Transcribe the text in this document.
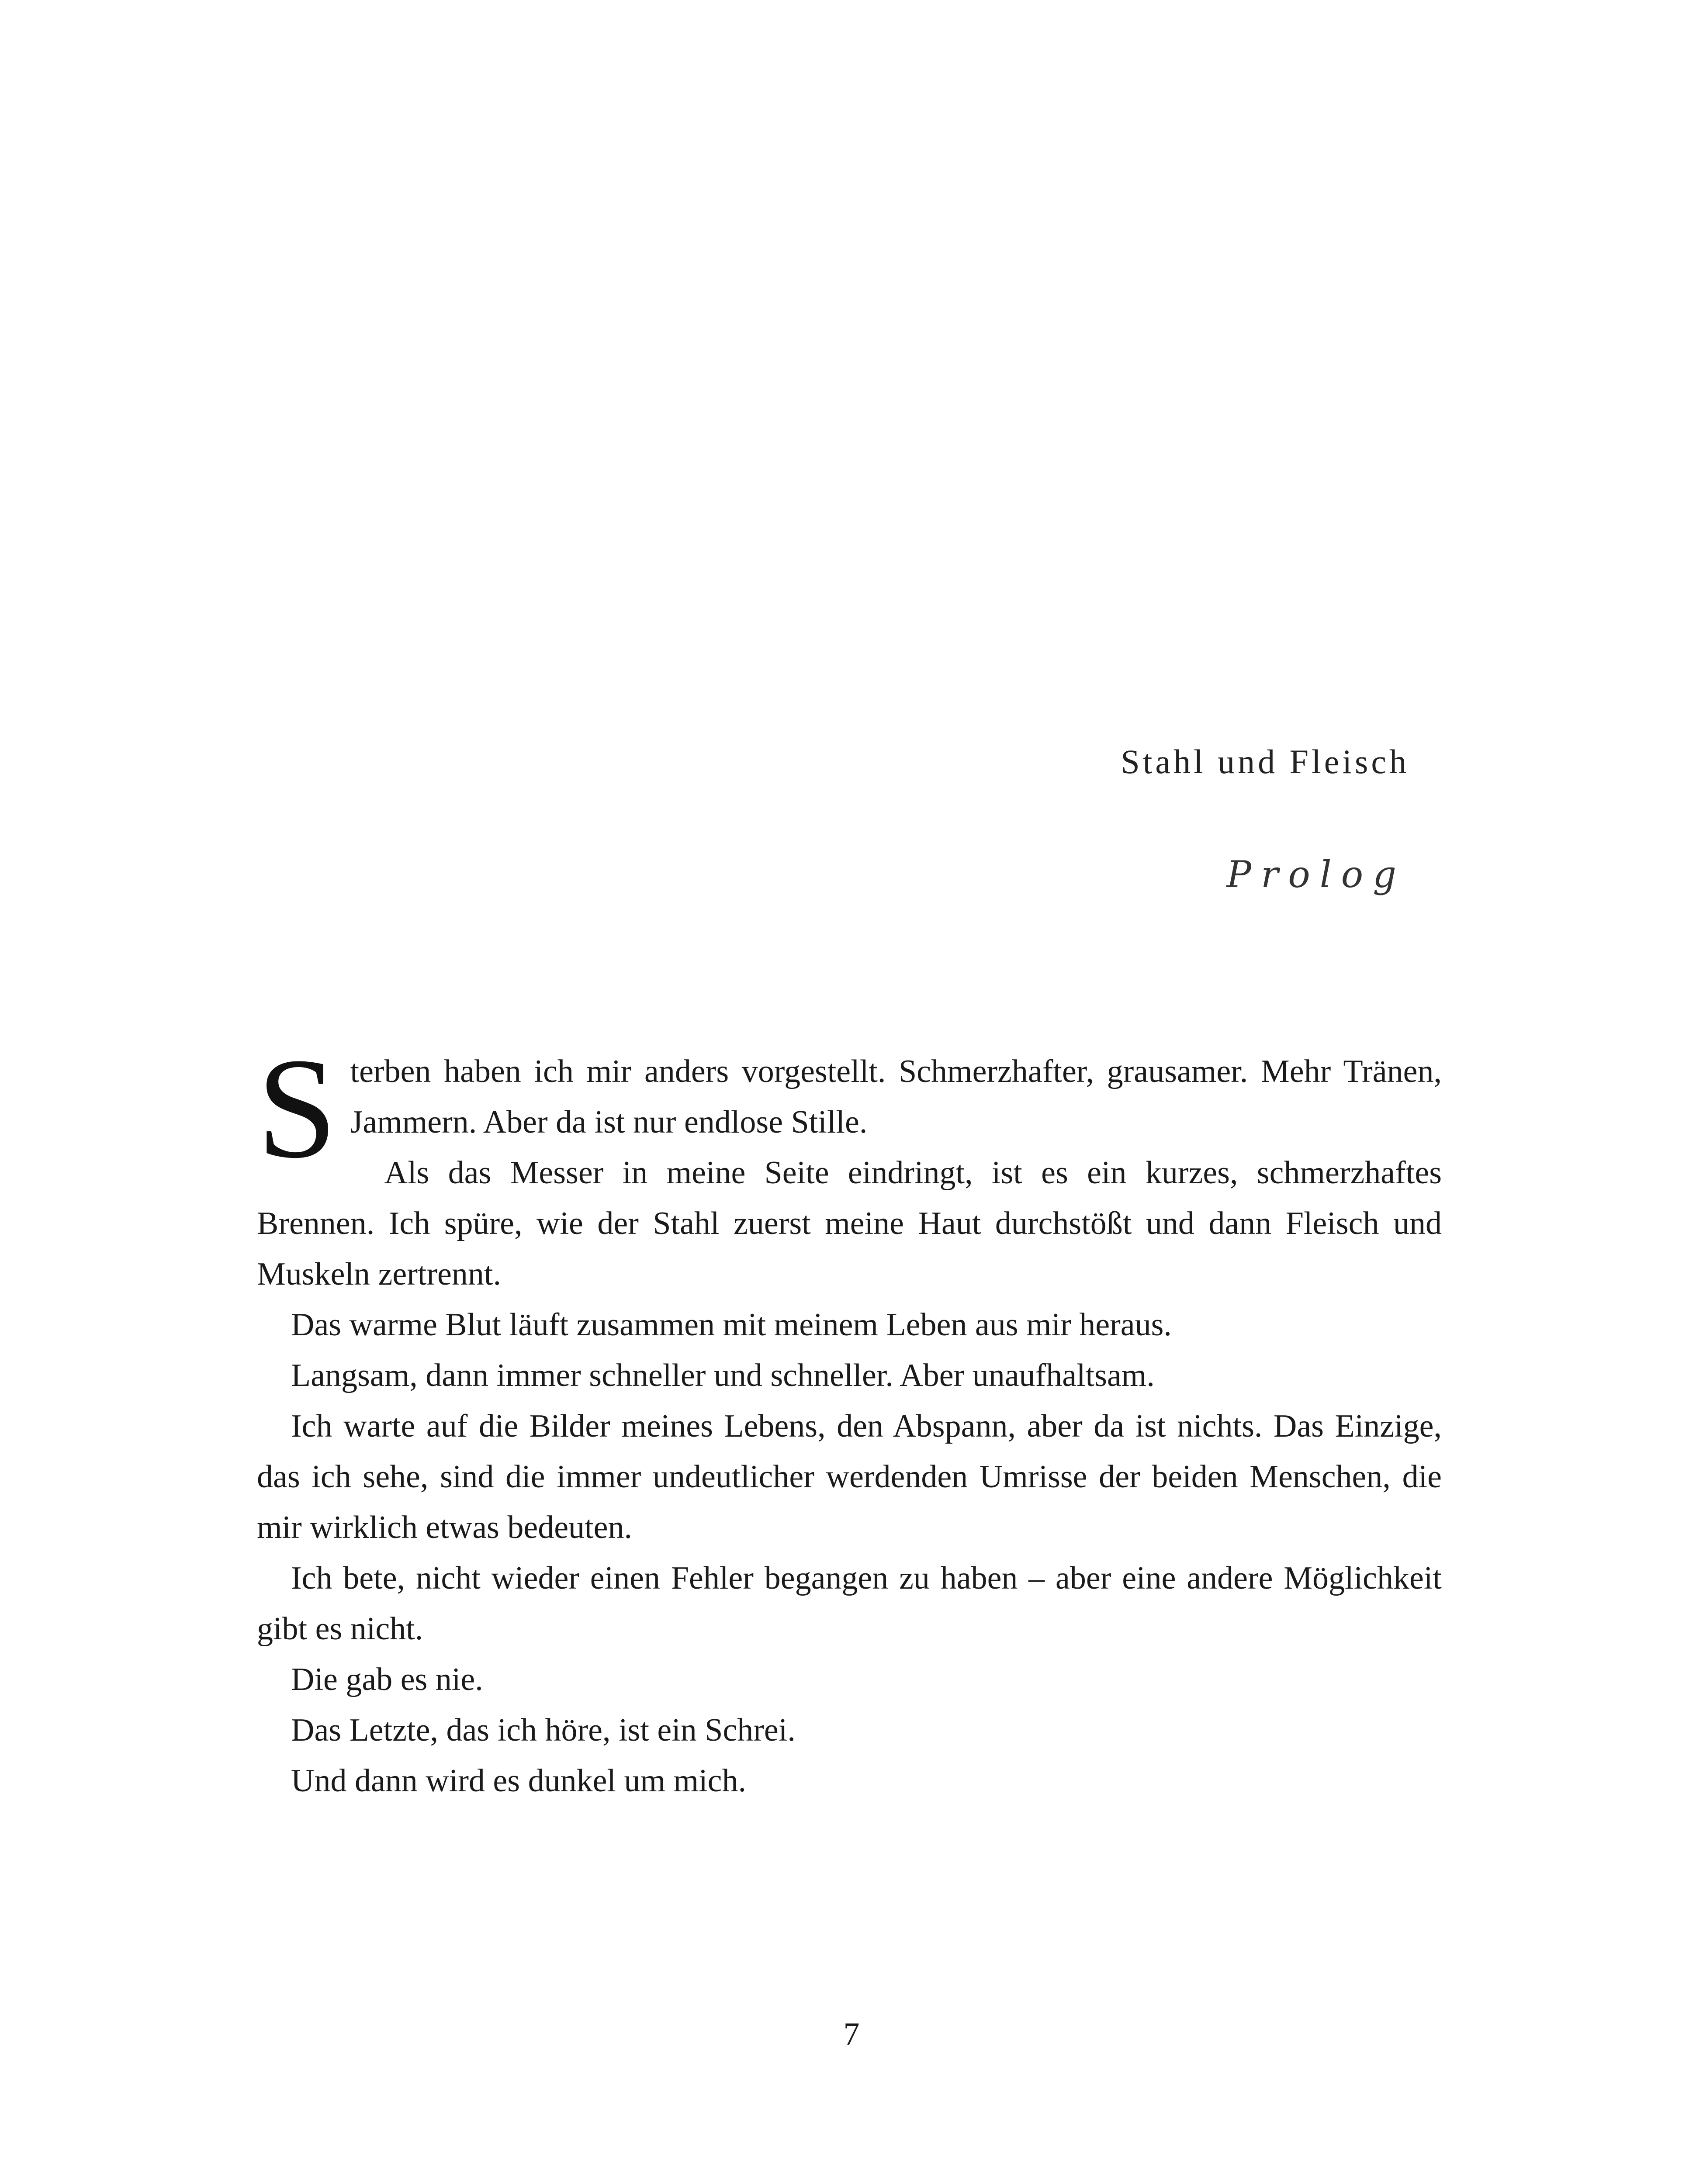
Stahl und Fleisch
Prolog

Sterben haben ich mir anders vorgestellt. Schmerzhafter, grausamer. Mehr Tränen, Jammern. Aber da ist nur endlose Stille.

Als das Messer in meine Seite eindringt, ist es ein kurzes, schmerzhaftes Brennen. Ich spüre, wie der Stahl zuerst meine Haut durchstößt und dann Fleisch und Muskeln zertrennt.

Das warme Blut läuft zusammen mit meinem Leben aus mir heraus.

Langsam, dann immer schneller und schneller. Aber unaufhaltsam.

Ich warte auf die Bilder meines Lebens, den Abspann, aber da ist nichts. Das Einzige, das ich sehe, sind die immer undeutlicher werdenden Umrisse der beiden Menschen, die mir wirklich etwas bedeuten.

Ich bete, nicht wieder einen Fehler begangen zu haben – aber eine andere Möglichkeit gibt es nicht.

Die gab es nie.

Das Letzte, das ich höre, ist ein Schrei.

Und dann wird es dunkel um mich.

7
